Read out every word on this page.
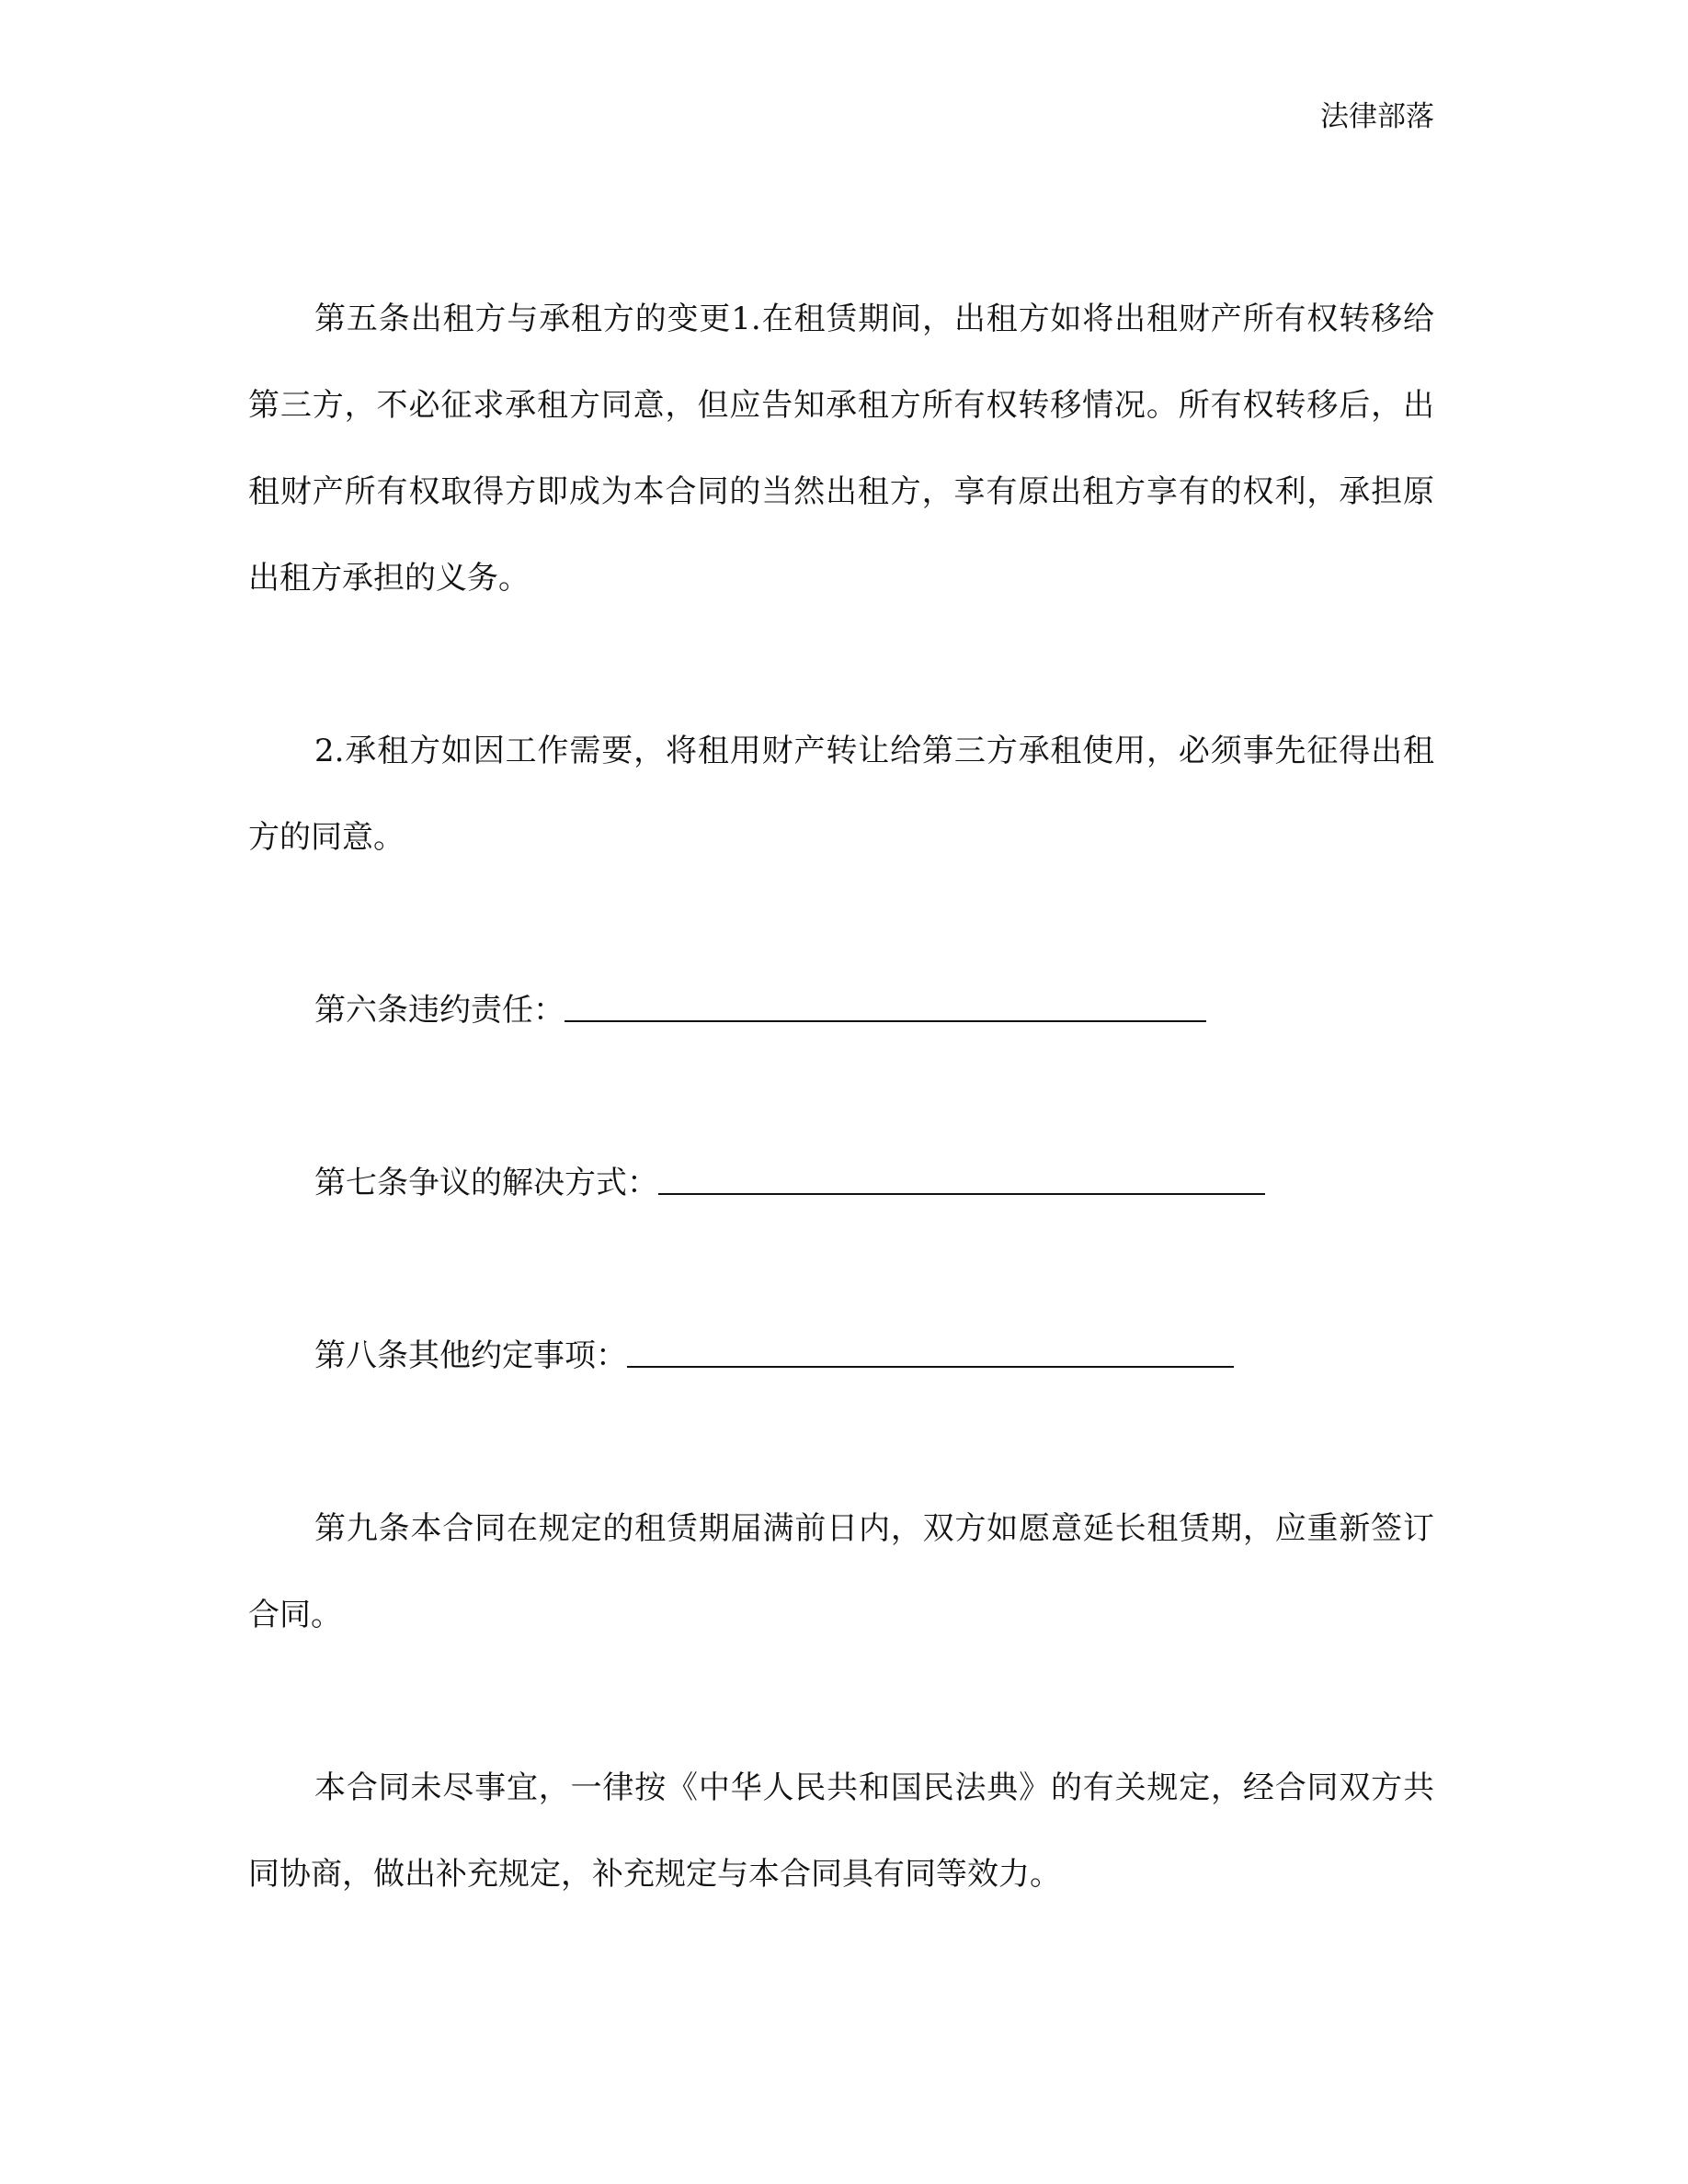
法律部落

第五条出租方与承租方的变更1.在租赁期间，出租方如将出租财产所有权转移给第三方，不必征求承租方同意，但应告知承租方所有权转移情况。所有权转移后，出租财产所有权取得方即成为本合同的当然出租方，享有原出租方享有的权利，承担原出租方承担的义务。

2.承租方如因工作需要，将租用财产转让给第三方承租使用，必须事先征得出租方的同意。

第六条违约责任：

第七条争议的解决方式：

第八条其他约定事项：

第九条本合同在规定的租赁期届满前日内，双方如愿意延长租赁期，应重新签订合同。

本合同未尽事宜，一律按《中华人民共和国民法典》的有关规定，经合同双方共同协商，做出补充规定，补充规定与本合同具有同等效力。
